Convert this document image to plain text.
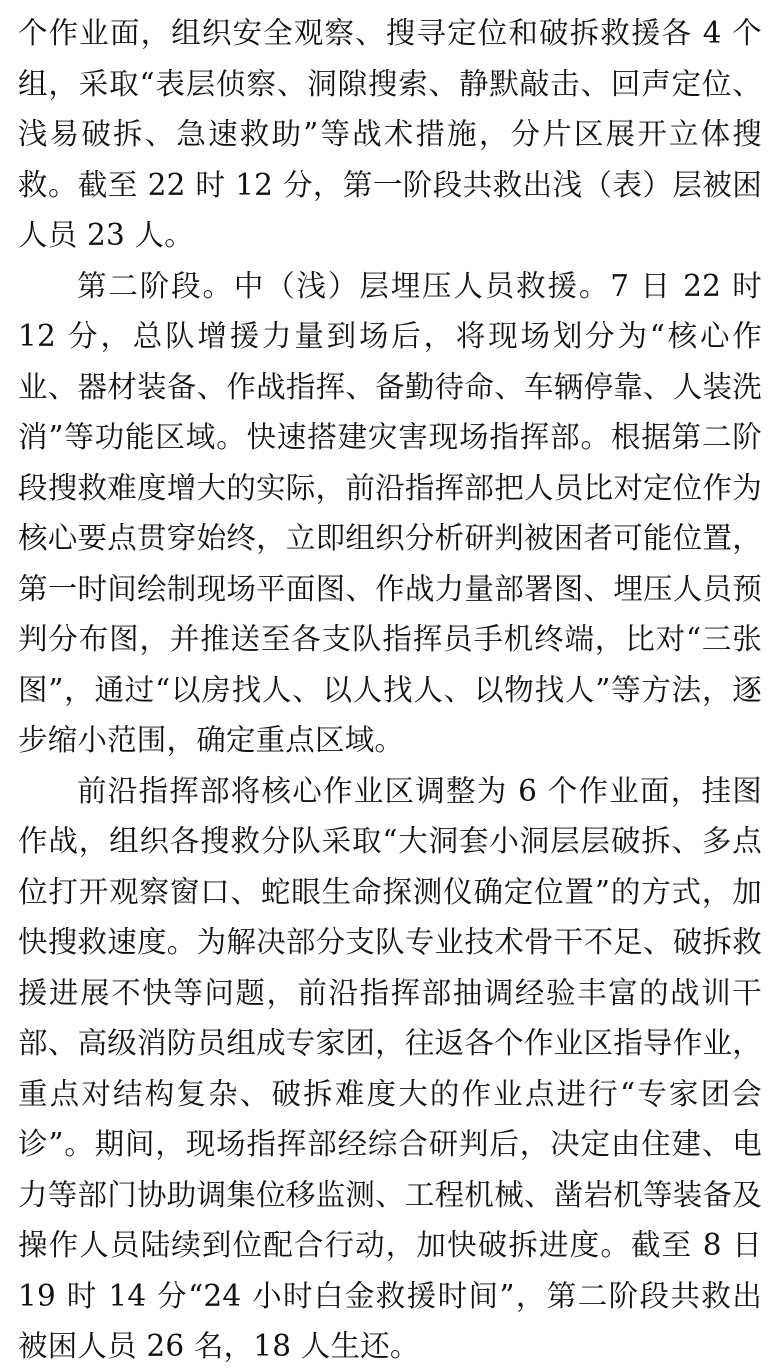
个作业面，组织安全观察、搜寻定位和破拆救援各 4 个组，采取“表层侦察、洞隙搜索、静默敲击、回声定位、浅易破拆、急速救助”等战术措施，分片区展开立体搜救。截至 22 时 12 分，第一阶段共救出浅（表）层被困人员 23 人。

第二阶段。中（浅）层埋压人员救援。7 日 22 时 12 分，总队增援力量到场后，将现场划分为“核心作业、器材装备、作战指挥、备勤待命、车辆停靠、人装洗消”等功能区域。快速搭建灾害现场指挥部。根据第二阶段搜救难度增大的实际，前沿指挥部把人员比对定位作为核心要点贯穿始终，立即组织分析研判被困者可能位置，第一时间绘制现场平面图、作战力量部署图、埋压人员预判分布图，并推送至各支队指挥员手机终端，比对“三张图”，通过“以房找人、以人找人、以物找人”等方法，逐步缩小范围，确定重点区域。

前沿指挥部将核心作业区调整为 6 个作业面，挂图作战，组织各搜救分队采取“大洞套小洞层层破拆、多点位打开观察窗口、蛇眼生命探测仪确定位置”的方式，加快搜救速度。为解决部分支队专业技术骨干不足、破拆救援进展不快等问题，前沿指挥部抽调经验丰富的战训干部、高级消防员组成专家团，往返各个作业区指导作业，重点对结构复杂、破拆难度大的作业点进行“专家团会诊”。期间，现场指挥部经综合研判后，决定由住建、电力等部门协助调集位移监测、工程机械、凿岩机等装备及操作人员陆续到位配合行动，加快破拆进度。截至 8 日 19 时 14 分“24 小时白金救援时间”，第二阶段共救出被困人员 26 名，18 人生还。
